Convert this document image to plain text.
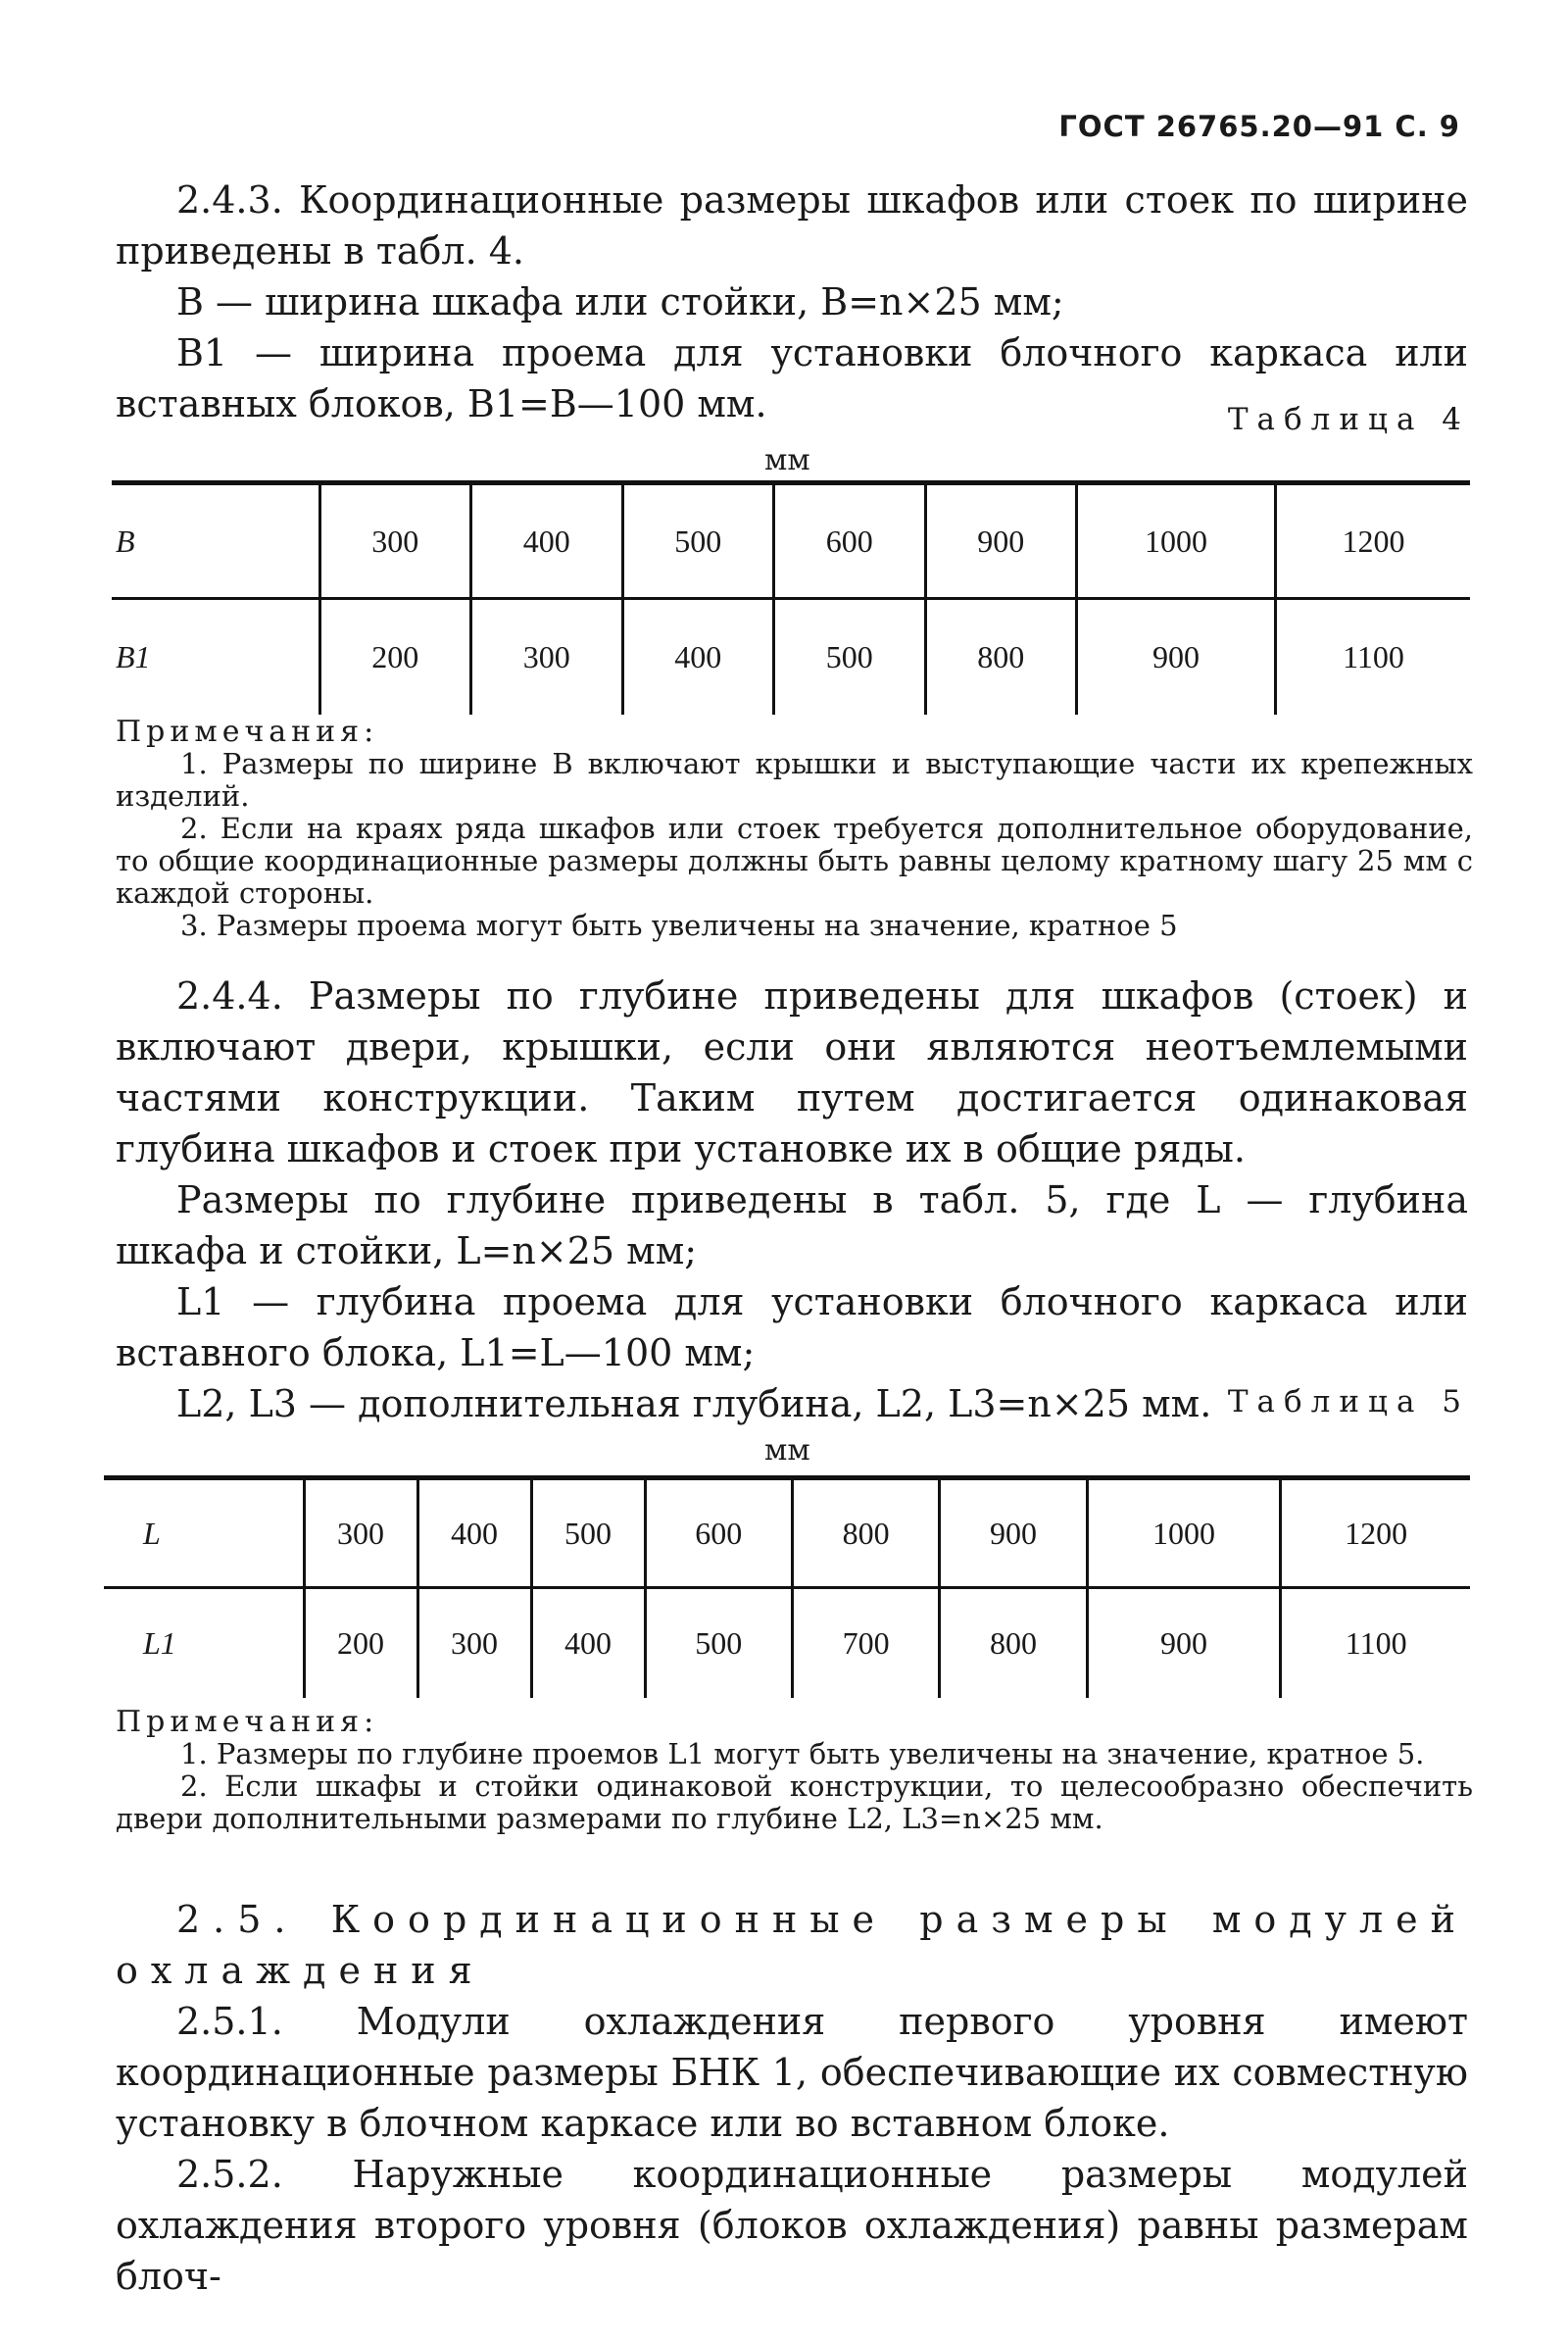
ГОСТ 26765.20—91 С. 9

2.4.3. Координационные размеры шкафов или стоек по ширине приведены в табл. 4.

B — ширина шкафа или стойки, B=n×25 мм;

B1 — ширина проема для установки блочного каркаса или вставных блоков, B1=B—100 мм.	Таблица 4
мм
B	300	400	500	600	900	1000	1200
B1	200	300	400	500	800	900	1100

Примечания:

1. Размеры по ширине B включают крышки и выступающие части их крепежных изделий.

2. Если на краях ряда шкафов или стоек требуется дополнительное оборудование, то общие координационные размеры должны быть равны целому кратному шагу 25 мм с каждой стороны.

3. Размеры проема могут быть увеличены на значение, кратное 5

2.4.4. Размеры по глубине приведены для шкафов (стоек) и включают двери, крышки, если они являются неотъемлемыми частями конструкции. Таким путем достигается одинаковая глубина шкафов и стоек при установке их в общие ряды.

Размеры по глубине приведены в табл. 5, где L — глубина шкафа и стойки, L=n×25 мм;

L1 — глубина проема для установки блочного каркаса или вставного блока, L1=L—100 мм;

L2, L3 — дополнительная глубина, L2, L3=n×25 мм. Таблица 5
мм
L	300	400	500	600	800	900	1000	1200
L1	200	300	400	500	700	800	900	1100

Примечания:

1. Размеры по глубине проемов L1 могут быть увеличены на значение, кратное 5.

2. Если шкафы и стойки одинаковой конструкции, то целесообразно обеспечить двери дополнительными размерами по глубине L2, L3=n×25 мм.

2.5. Координационные размеры модулей охлаждения

2.5.1. Модули охлаждения первого уровня имеют координационные размеры БНК 1, обеспечивающие их совместную установку в блочном каркасе или во вставном блоке.

2.5.2. Наружные координационные размеры модулей охлаждения второго уровня (блоков охлаждения) равны размерам блоч-
